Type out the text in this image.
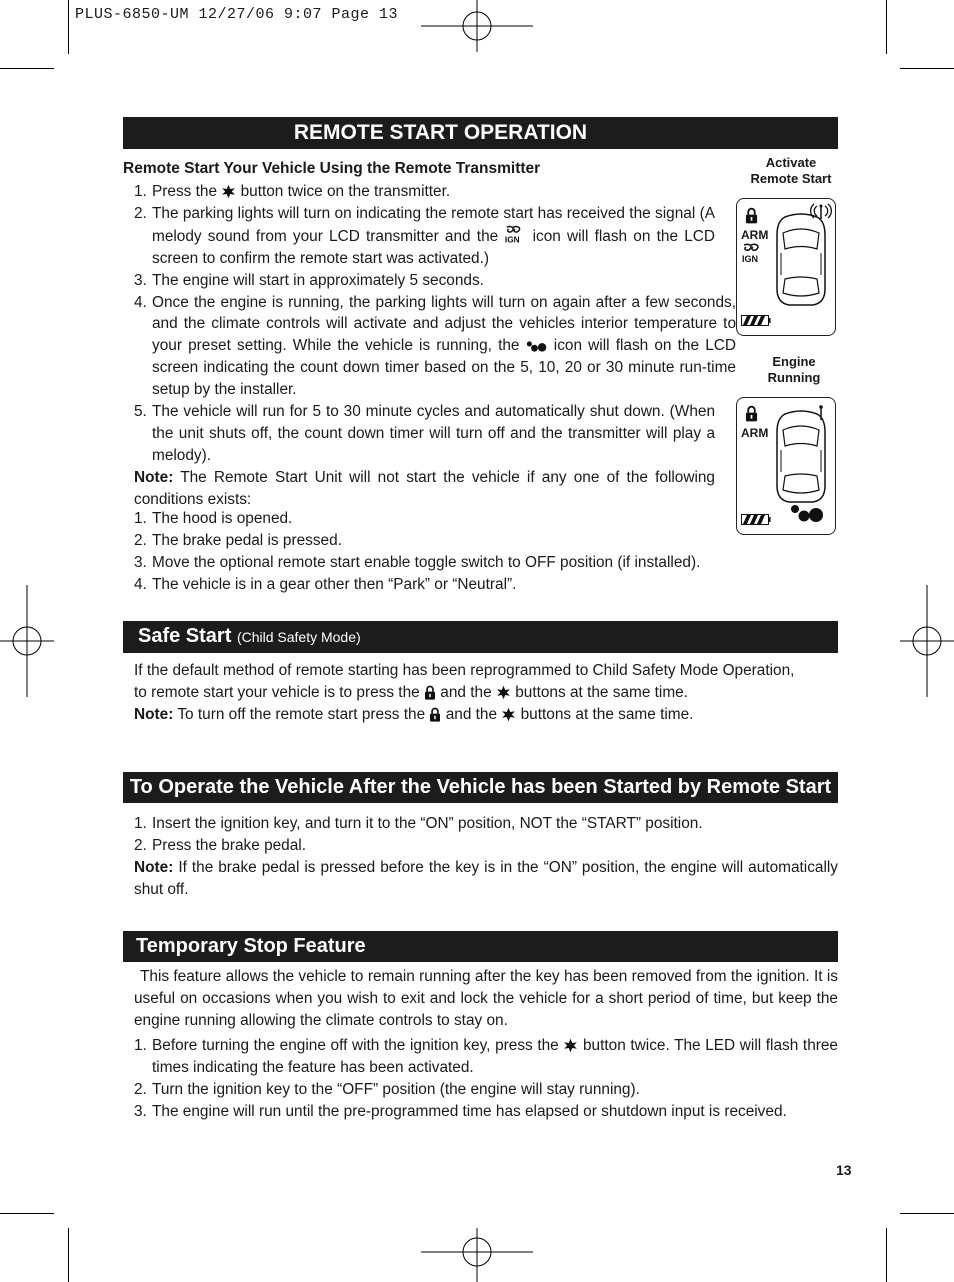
PLUS-6850-UM 12/27/06 9:07 Page 13
REMOTE START OPERATION
Remote Start Your Vehicle Using the Remote Transmitter
1. Press the button twice on the transmitter.
2. The parking lights will turn on indicating the remote start has received the signal (A melody sound from your LCD transmitter and the icon will flash on the LCD screen to confirm the remote start was activated.)
3. The engine will start in approximately 5 seconds.
4. Once the engine is running, the parking lights will turn on again after a few seconds, and the climate controls will activate and adjust the vehicles interior temperature to your preset setting. While the vehicle is running, the icon will flash on the LCD screen indicating the count down timer based on the 5, 10, 20 or 30 minute run-time setup by the installer.
5. The vehicle will run for 5 to 30 minute cycles and automatically shut down. (When the unit shuts off, the count down timer will turn off and the transmitter will play a melody).
Note: The Remote Start Unit will not start the vehicle if any one of the following conditions exists:
1. The hood is opened.
2. The brake pedal is pressed.
3. Move the optional remote start enable toggle switch to OFF position (if installed).
4. The vehicle is in a gear other then “Park” or “Neutral”.
Activate
Remote Start
ARM
Engine
Running
ARM
Safe Start (Child Safety Mode)
If the default method of remote starting has been reprogrammed to Child Safety Mode Operation,
to remote start your vehicle is to press the and the buttons at the same time.
Note: To turn off the remote start press the and the buttons at the same time.
To Operate the Vehicle After the Vehicle has been Started by Remote Start
1. Insert the ignition key, and turn it to the “ON” position, NOT the “START” position.
2. Press the brake pedal.
Note: If the brake pedal is pressed before the key is in the “ON” position, the engine will automatically shut off.
Temporary Stop Feature
This feature allows the vehicle to remain running after the key has been removed from the ignition. It is useful on occasions when you wish to exit and lock the vehicle for a short period of time, but keep the engine running allowing the climate controls to stay on.
1. Before turning the engine off with the ignition key, press the button twice. The LED will flash three times indicating the feature has been activated.
2. Turn the ignition key to the “OFF” position (the engine will stay running).
3. The engine will run until the pre-programmed time has elapsed or shutdown input is received.
13
